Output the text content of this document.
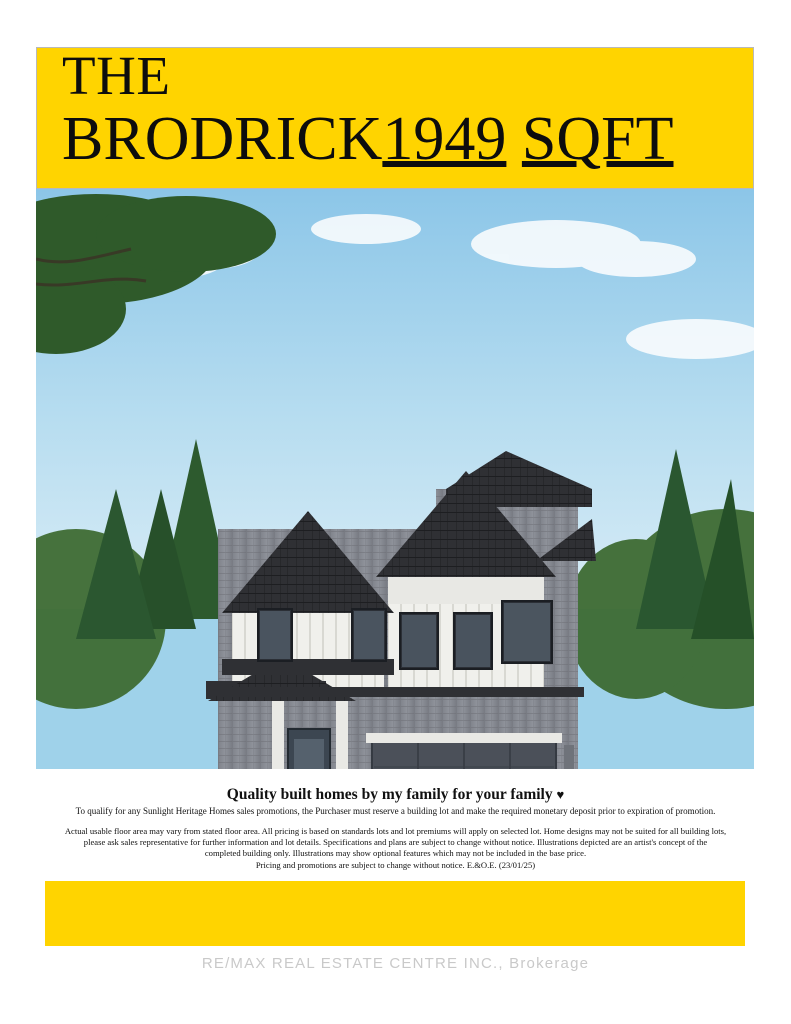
THE
BRODRICK1949 SQFT
Quality built homes by my family for your family ♥
To qualify for any Sunlight Heritage Homes sales promotions, the Purchaser must reserve a building lot and make the required monetary deposit prior to expiration of promotion.
Actual usable floor area may vary from stated floor area. All pricing is based on standards lots and lot premiums will apply on selected lot. Home designs may not be suited for all building lots,
please ask sales representative for further information and lot details. Specifications and plans are subject to change without notice. Illustrations depicted are an artist's concept of the
completed building only. Illustrations may show optional features which may not be included in the base price.
Pricing and promotions are subject to change without notice. E.&O.E. (23/01/25)
RE/MAX REAL ESTATE CENTRE INC., Brokerage
